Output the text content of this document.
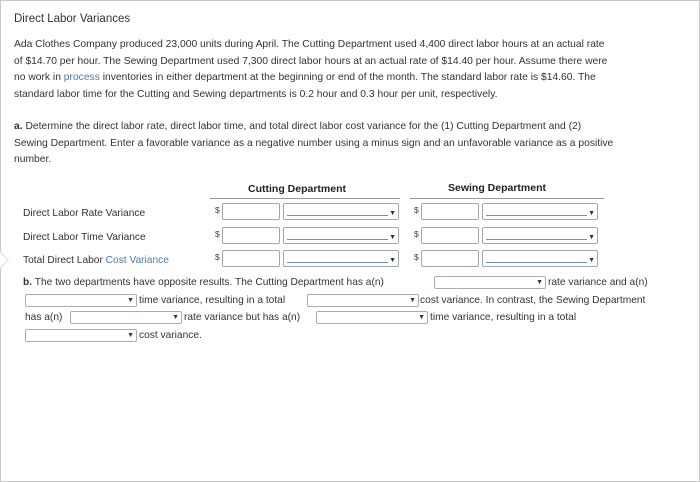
Direct Labor Variances

Ada Clothes Company produced 23,000 units during April. The Cutting Department used 4,400 direct labor hours at an actual rate

of $14.70 per hour. The Sewing Department used 7,300 direct labor hours at an actual rate of $14.40 per hour. Assume there were

no work in process inventories in either department at the beginning or end of the month. The standard labor rate is $14.60. The

standard labor time for the Cutting and Sewing departments is 0.2 hour and 0.3 hour per unit, respectively.

a. Determine the direct labor rate, direct labor time, and total direct labor cost variance for the (1) Cutting Department and (2)

Sewing Department. Enter a favorable variance as a negative number using a minus sign and an unfavorable variance as a positive

number.

Cutting Department	Sewing Department
Direct Labor Rate Variance	$	▼ $	▼
Direct Labor Time Variance	$	▼ $	▼
Total Direct Labor Cost Variance	$	▼ $	▼
b. The two departments have opposite results. The Cutting Department has a(n)	▼ rate variance and a(n)
▼ time variance, resulting in a total	▼ cost variance. In contrast, the Sewing Department
has a(n)	▼ rate variance but has a(n)	▼ time variance, resulting in a total
▼ cost variance.
